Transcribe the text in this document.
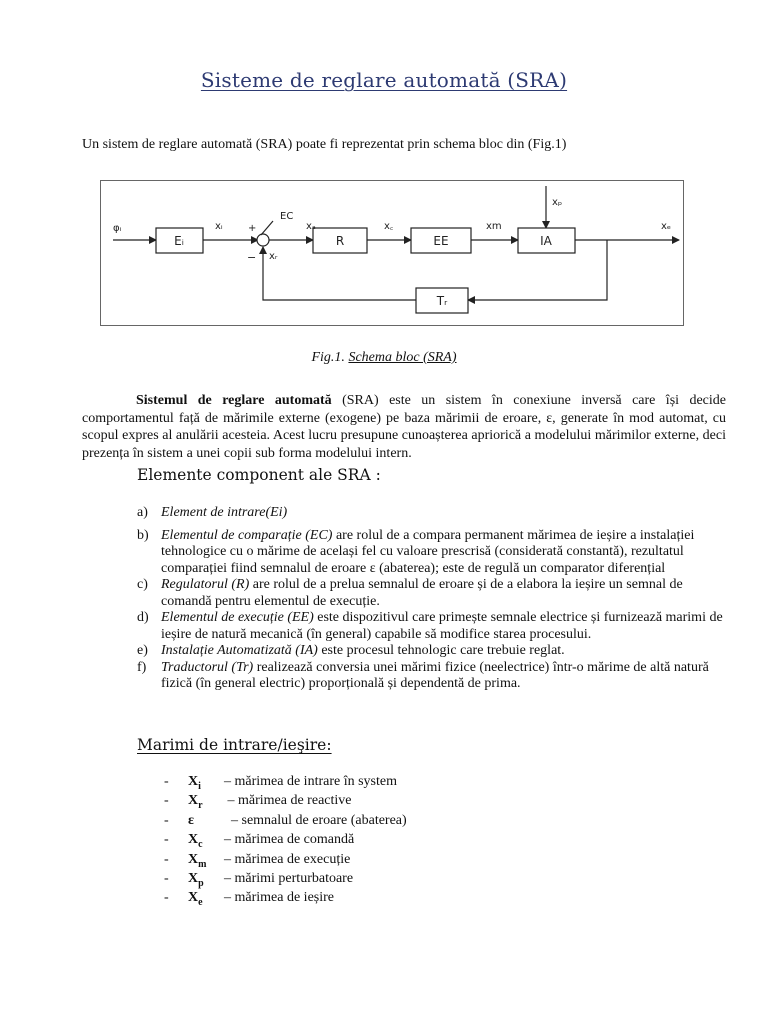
Sisteme de reglare automată (SRA)
Un sistem de reglare automată (SRA) poate fi reprezentat prin schema bloc din (Fig.1)
Eᵢ	R	EE	IA
Tᵣ
φᵢ	xᵢ	xₐ	x꜀	xm	xₑ
xₚ
xᵣ
EC
+
−
Fig.1. Schema bloc (SRA)
Sistemul de reglare automată (SRA) este un sistem în conexiune inversă care își decide comportamentul față de mărimile externe (exogene) pe baza mărimii de eroare, ε, generate în mod automat, cu scopul expres al anulării acesteia. Acest lucru presupune cunoașterea apriorică a modelului mărimilor externe, deci prezența în sistem a unei copii sub forma modelului intern.
Elemente component ale SRA :
a) Element de intrare(Ei)
b) Elementul de comparație (EC) are rolul de a compara permanent mărimea de ieșire a instalației tehnologice cu o mărime de același fel cu valoare prescrisă (considerată constantă), rezultatul comparației fiind semnalul de eroare ε (abaterea); este de regulă un comparator diferențial
c) Regulatorul (R) are rolul de a prelua semnalul de eroare și de a elabora la ieșire un semnal de comandă pentru elementul de execuție.
d) Elementul de execuție (EE) este dispozitivul care primește semnale electrice și furnizează marimi de ieșire de natură mecanică (în general) capabile să modifice starea procesului.
e) Instalație Automatizată (IA) este procesul tehnologic care trebuie reglat.
f)	Traductorul (Tr) realizează conversia unei mărimi fizice (neelectrice) într-o mărime de altă natură fizică (în general electric) proporțională și dependentă de prima.
Marimi de intrare/ieşire:
-	$X_i$	– mărimea de intrare în system
-	$X_r$	– mărimea de reactive
-	ε	– semnalul de eroare (abaterea)
-	$X_c$	– mărimea de comandă
-	$X_m$	– mărimea de execuție
-	$X_p$	– mărimi perturbatoare
-	$X_e$	– mărimea de ieșire
